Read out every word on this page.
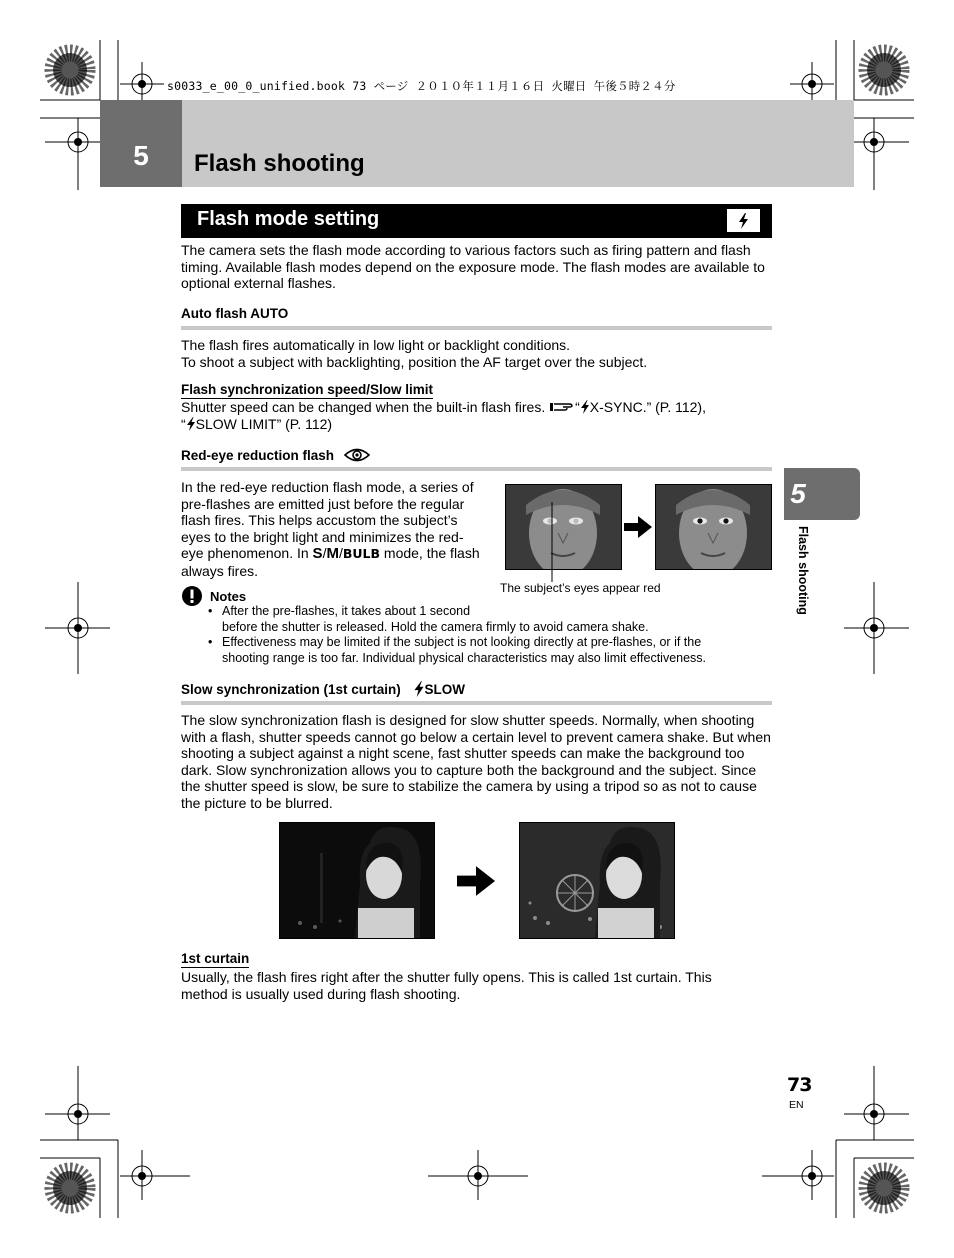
s0033_e_00_0_unified.book 73 ページ ２０１０年１１月１６日 火曜日 午後５時２４分
5	Flash shooting
Flash mode setting
The camera sets the flash mode according to various factors such as firing pattern and flash timing. Available flash modes depend on the exposure mode. The flash modes are available to optional external flashes.
Auto flash AUTO
The flash fires automatically in low light or backlight conditions.
To shoot a subject with backlighting, position the AF target over the subject.
Flash synchronization speed/Slow limit
Shutter speed can be changed when the built-in flash fires. “ X-SYNC.” (P. 112),
“ SLOW LIMIT” (P. 112)
Red-eye reduction flash
In the red-eye reduction flash mode, a series of pre-flashes are emitted just before the regular flash fires. This helps accustom the subject’s eyes to the bright light and minimizes the red-eye phenomenon. In S/M/BULB mode, the flash always fires.
The subject’s eyes appear red
Notes
• After the pre-flashes, it takes about 1 second
before the shutter is released. Hold the camera firmly to avoid camera shake.
• Effectiveness may be limited if the subject is not looking directly at pre-flashes, or if the
shooting range is too far. Individual physical characteristics may also limit effectiveness.
Slow synchronization (1st curtain) SLOW
The slow synchronization flash is designed for slow shutter speeds. Normally, when shooting with a flash, shutter speeds cannot go below a certain level to prevent camera shake. But when shooting a subject against a night scene, fast shutter speeds can make the background too dark. Slow synchronization allows you to capture both the background and the subject. Since the shutter speed is slow, be sure to stabilize the camera by using a tripod so as not to cause the picture to be blurred.
1st curtain
Usually, the flash fires right after the shutter fully opens. This is called 1st curtain. This method is usually used during flash shooting.
5
Flash shooting
73
EN
